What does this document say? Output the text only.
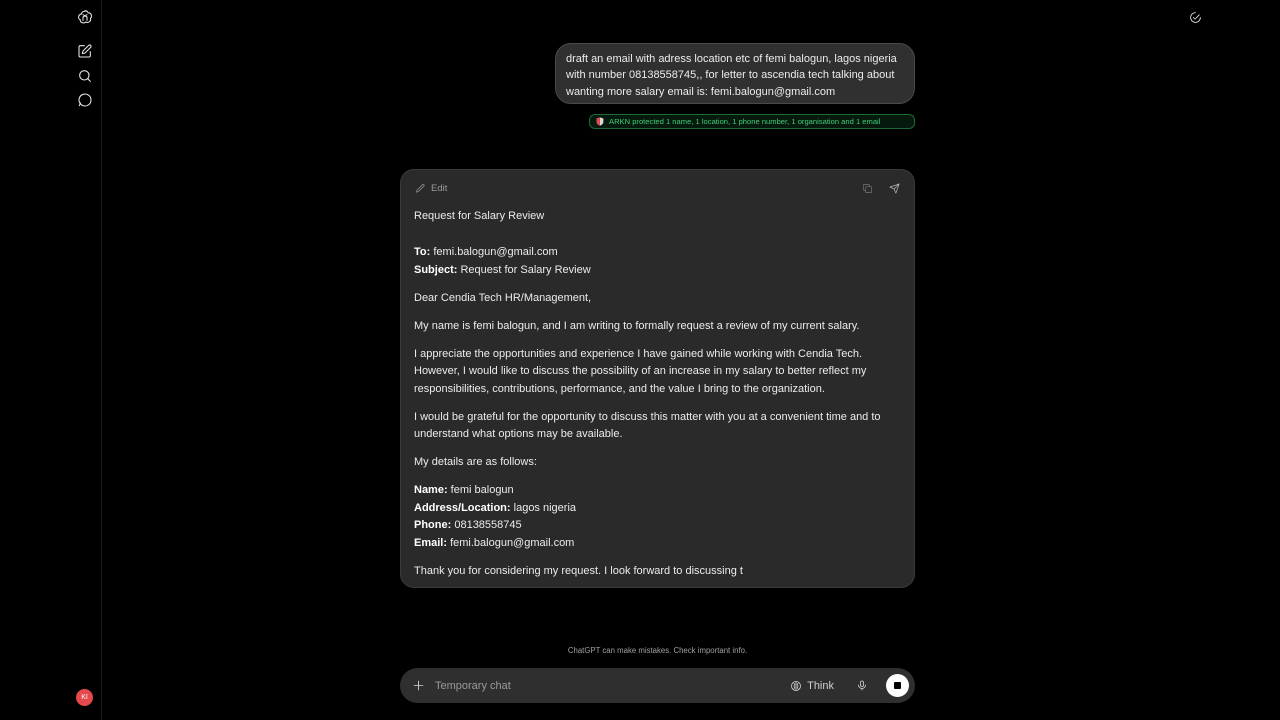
KI
draft an email with adress location etc of femi balogun, lagos nigeria with number 08138558745,, for letter to ascendia tech talking about wanting more salary email is: femi.balogun@gmail.com
ARKN protected 1 name, 1 location, 1 phone number, 1 organisation and 1 email
Edit

Request for Salary Review

To: femi.balogun@gmail.com

Subject: Request for Salary Review

Dear Cendia Tech HR/Management,

My name is femi balogun, and I am writing to formally request a review of my current salary.

I appreciate the opportunities and experience I have gained while working with Cendia Tech. However, I would like to discuss the possibility of an increase in my salary to better reflect my responsibilities, contributions, performance, and the value I bring to the organization.

I would be grateful for the opportunity to discuss this matter with you at a convenient time and to understand what options may be available.

My details are as follows:

Name: femi balogun

Address/Location: lagos nigeria

Phone: 08138558745

Email: femi.balogun@gmail.com

Thank you for considering my request. I look forward to discussing t

ChatGPT can make mistakes. Check important info.
Temporary chat
Think
